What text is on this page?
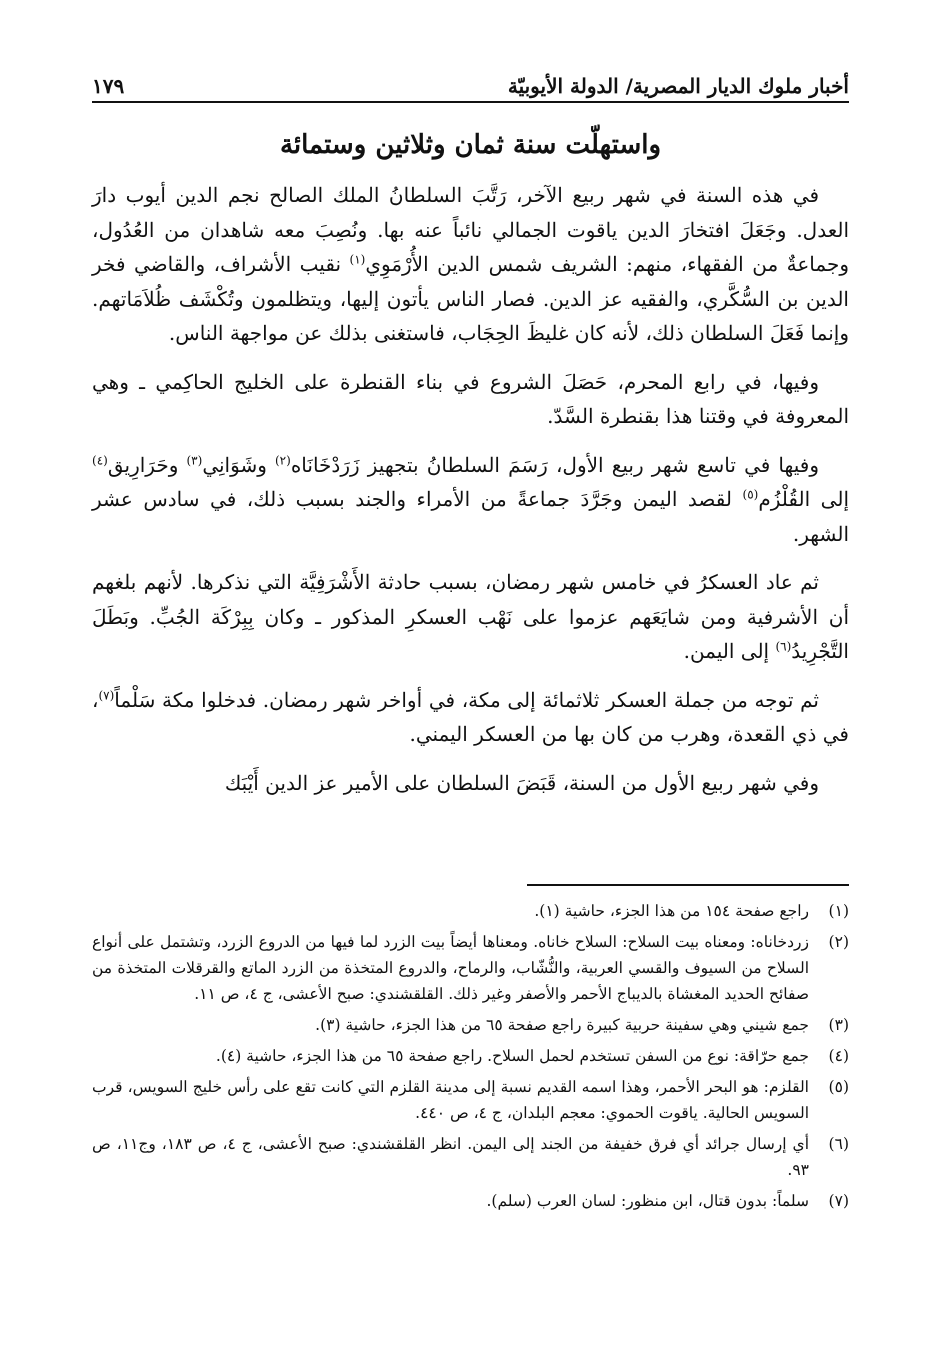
أخبار ملوك الديار المصرية/ الدولة الأيوبيّة
١٧٩
واستهلّت سنة ثمان وثلاثين وستمائة

في هذه السنة في شهر ربيع الآخر، رَتَّبَ السلطانُ الملك الصالح نجم الدين أيوب دارَ العدل. وجَعَلَ افتخارَ الدين ياقوت الجمالي نائباً عنه بها. ونُصِبَ معه شاهدان من العُدُول، وجماعةٌ من الفقهاء، منهم: الشريف شمس الدين الأُرْمَوِي$^{(١)}$ نقيب الأشراف، والقاضي فخر الدين بن السُّكَّري، والفقيه عز الدين. فصار الناس يأتون إليها، ويتظلمون وتُكْشَف ظُلاَمَاتهم. وإنما فَعَلَ السلطان ذلك، لأنه كان غليظَ الحِجَاب، فاستغنى بذلك عن مواجهة الناس.

وفيها، في رابع المحرم، حَصَلَ الشروع في بناء القنطرة على الخليج الحاكِمي ـ وهي المعروفة في وقتنا هذا بقنطرة السَّدّ.

وفيها في تاسع شهر ربيع الأول، رَسَمَ السلطانُ بتجهيز زَرَدْخَانَاه$^{(٢)}$ وشَوَانِي$^{(٣)}$ وحَرَارِيق$^{(٤)}$ إلى القُلْزُم$^{(٥)}$ لقصد اليمن وجَرَّدَ جماعةً من الأمراء والجند بسبب ذلك، في سادس عشر الشهر.

ثم عاد العسكرُ في خامس شهر رمضان، بسبب حادثة الأَشْرَفِيَّة التي نذكرها. لأنهم بلغهم أن الأشرفية ومن شايَعَهم عزموا على نَهْب العسكرِ المذكور ـ وكان بِبِرْكَة الجُبِّ. وبَطَلَ التَّجْرِيدُ$^{(٦)}$ إلى اليمن.

ثم توجه من جملة العسكر ثلاثمائة إلى مكة، في أواخر شهر رمضان. فدخلوا مكة سَلْماً$^{(٧)}$، في ذي القعدة، وهرب من كان بها من العسكر اليمني.

وفي شهر ربيع الأول من السنة، قَبَضَ السلطان على الأمير عز الدين أَيْبَك

(١)
راجع صفحة ١٥٤ من هذا الجزء، حاشية (١).
(٢)
زردخاناه: ومعناه بيت السلاح: السلاح خاناه. ومعناها أيضاً بيت الزرد لما فيها من الدروع الزرد، وتشتمل على أنواع السلاح من السيوف والقسي العربية، والنُّشّاب، والرماح، والدروع المتخذة من الزرد الماتع والقرقلات المتخذة من صفائح الحديد المغشاة بالديباج الأحمر والأصفر وغير ذلك. القلقشندي: صبح الأعشى، ج ٤، ص ١١.
(٣)
جمع شيني وهي سفينة حربية كبيرة راجع صفحة ٦٥ من هذا الجزء، حاشية (٣).
(٤)
جمع حرّاقة: نوع من السفن تستخدم لحمل السلاح. راجع صفحة ٦٥ من هذا الجزء، حاشية (٤).
(٥)
القلزم: هو البحر الأحمر، وهذا اسمه القديم نسبة إلى مدينة القلزم التي كانت تقع على رأس خليج السويس، قرب السويس الحالية. ياقوت الحموي: معجم البلدان، ج ٤، ص ٤٤٠.
(٦)
أي إرسال جرائد أي فرق خفيفة من الجند إلى اليمن. انظر القلقشندي: صبح الأعشى، ج ٤، ص ١٨٣، وج١١، ص ٩٣.
(٧)
سلماً: بدون قتال، ابن منظور: لسان العرب (سلم).
